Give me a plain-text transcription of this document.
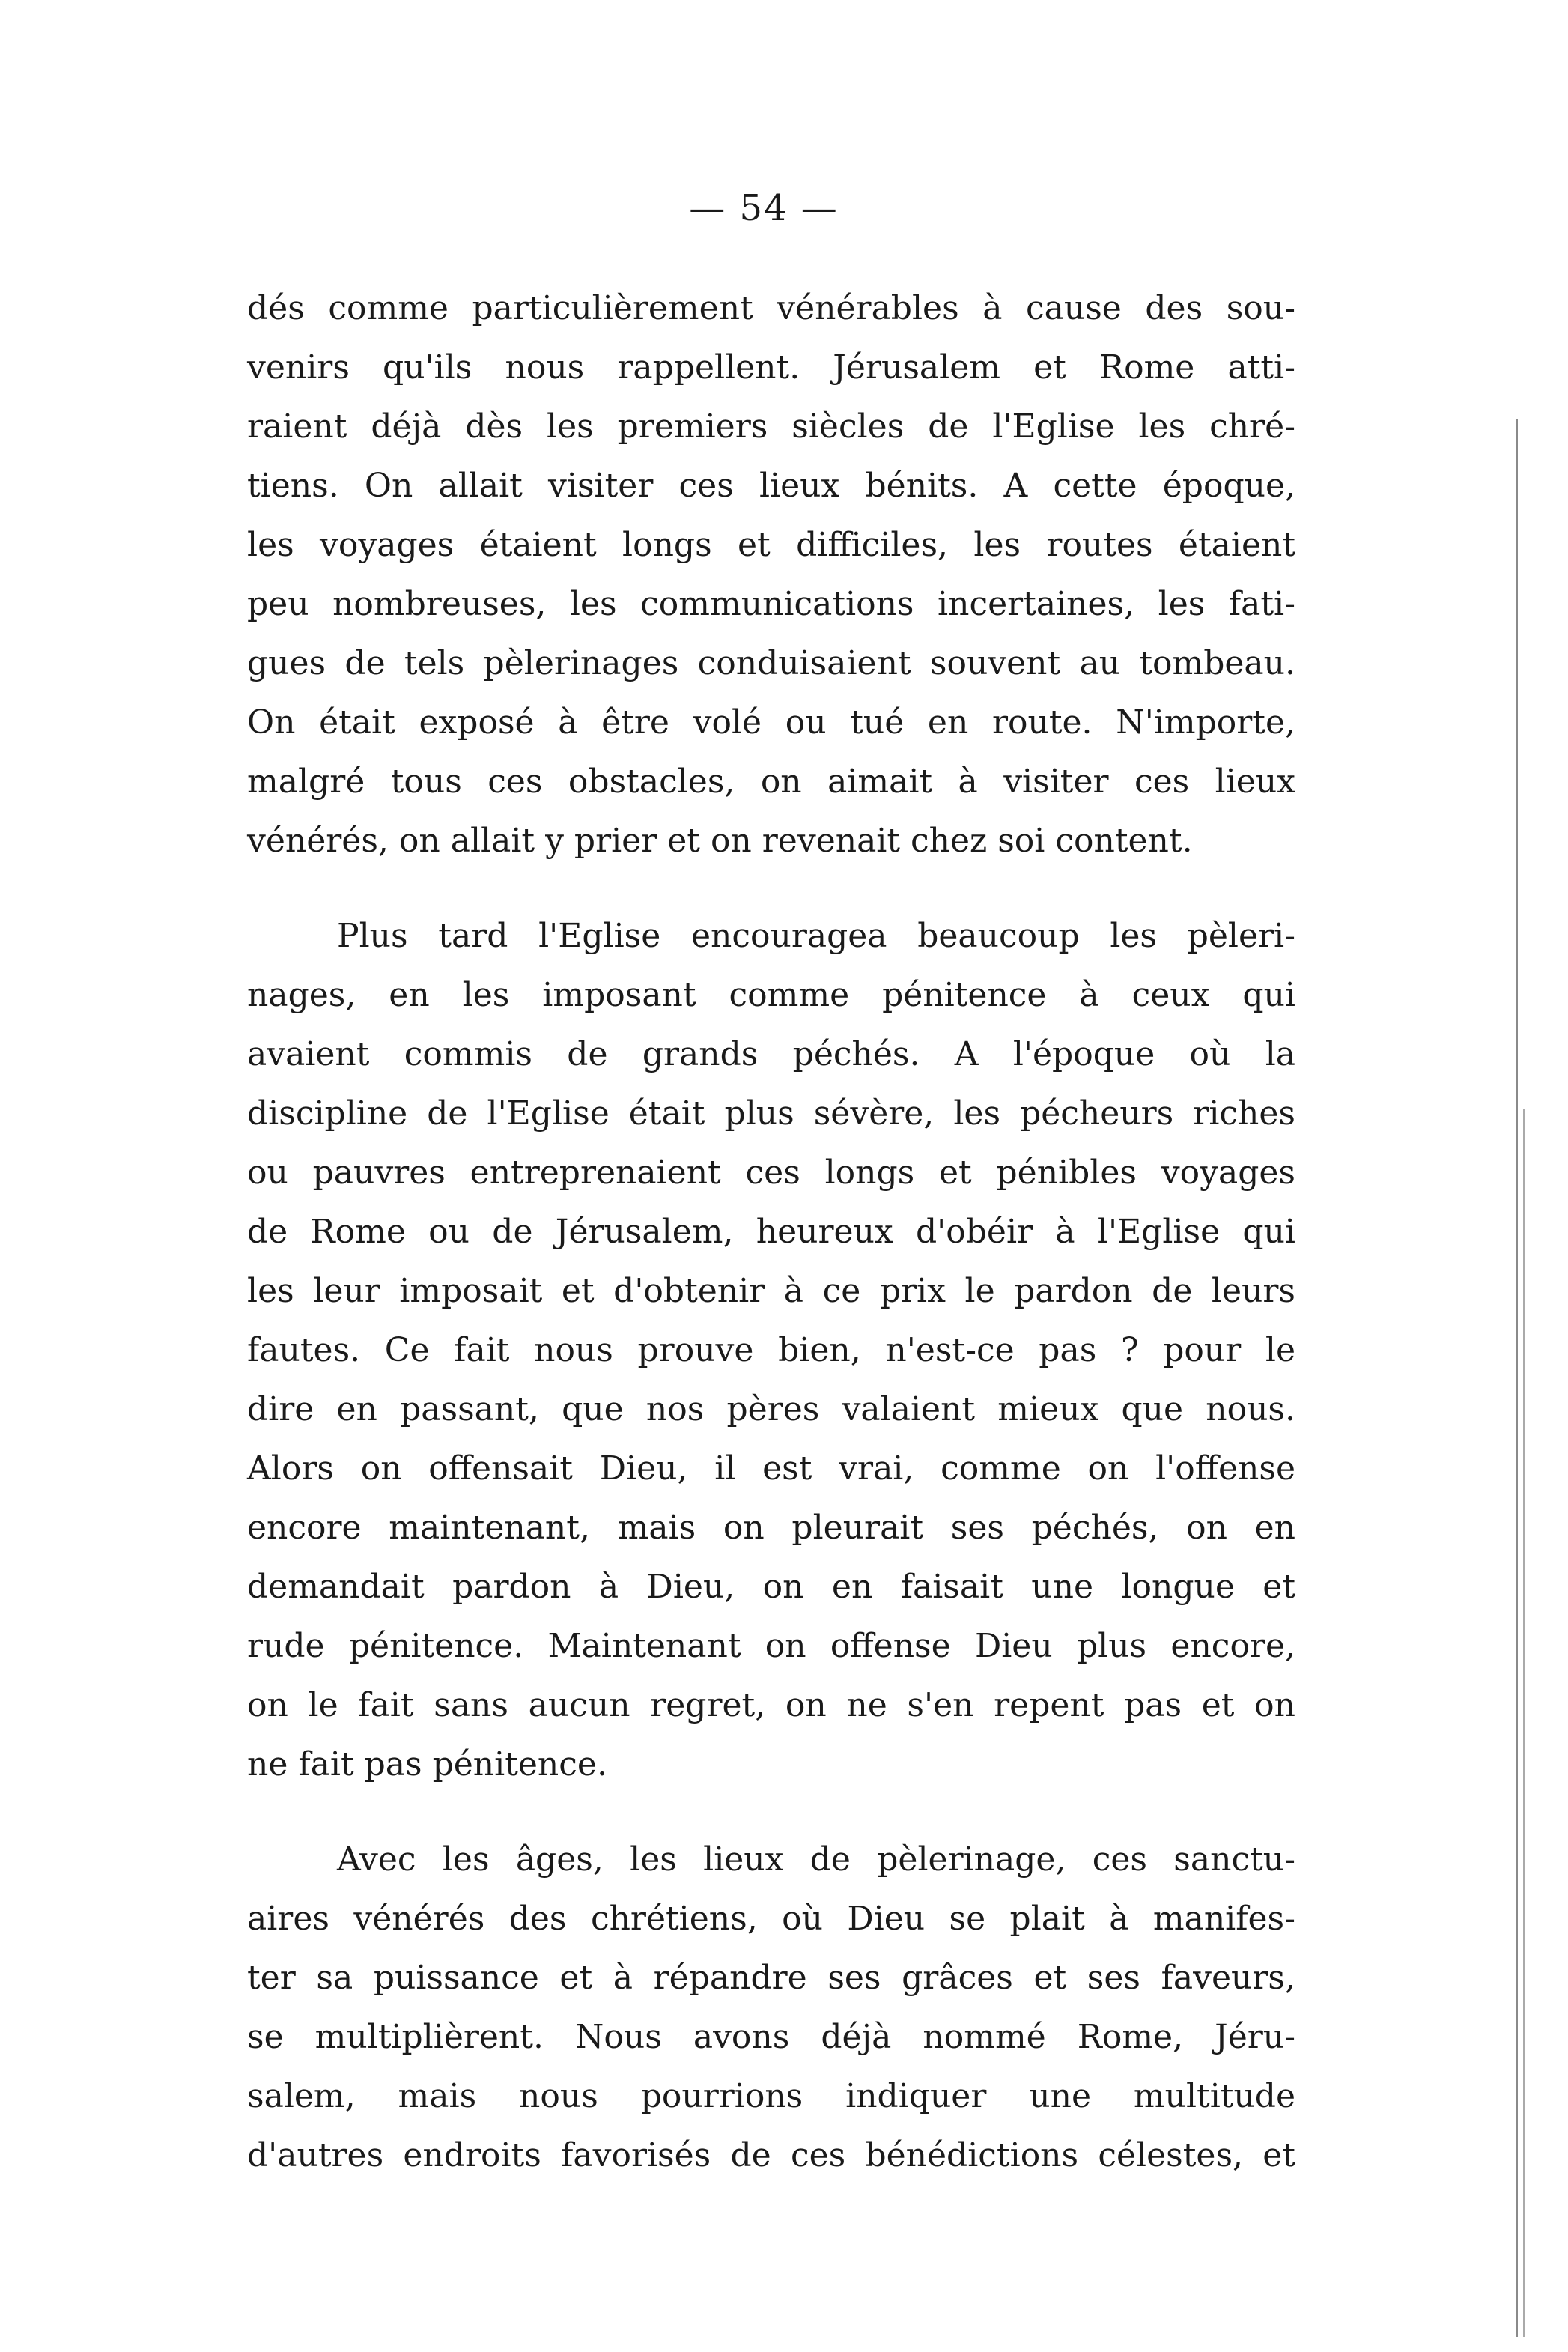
— 54 —

dés comme particulièrement vénérables à cause des sou-
venirs qu'ils nous rappellent. Jérusalem et Rome atti-
raient déjà dès les premiers siècles de l'Eglise les chré-
tiens. On allait visiter ces lieux bénits. A cette époque,
les voyages étaient longs et difficiles, les routes étaient
peu nombreuses, les communications incertaines, les fati-
gues de tels pèlerinages conduisaient souvent au tombeau.
On était exposé à être volé ou tué en route. N'importe,
malgré tous ces obstacles, on aimait à visiter ces lieux
vénérés, on allait y prier et on revenait chez soi content.

Plus tard l'Eglise encouragea beaucoup les pèleri-
nages, en les imposant comme pénitence à ceux qui
avaient commis de grands péchés. A l'époque où la
discipline de l'Eglise était plus sévère, les pécheurs riches
ou pauvres entreprenaient ces longs et pénibles voyages
de Rome ou de Jérusalem, heureux d'obéir à l'Eglise qui
les leur imposait et d'obtenir à ce prix le pardon de leurs
fautes. Ce fait nous prouve bien, n'est-ce pas ? pour le
dire en passant, que nos pères valaient mieux que nous.
Alors on offensait Dieu, il est vrai, comme on l'offense
encore maintenant, mais on pleurait ses péchés, on en
demandait pardon à Dieu, on en faisait une longue et
rude pénitence. Maintenant on offense Dieu plus encore,
on le fait sans aucun regret, on ne s'en repent pas et on
ne fait pas pénitence.

Avec les âges, les lieux de pèlerinage, ces sanctu-
aires vénérés des chrétiens, où Dieu se plait à manifes-
ter sa puissance et à répandre ses grâces et ses faveurs,
se multiplièrent. Nous avons déjà nommé Rome, Jéru-
salem, mais nous pourrions indiquer une multitude
d'autres endroits favorisés de ces bénédictions célestes, et
